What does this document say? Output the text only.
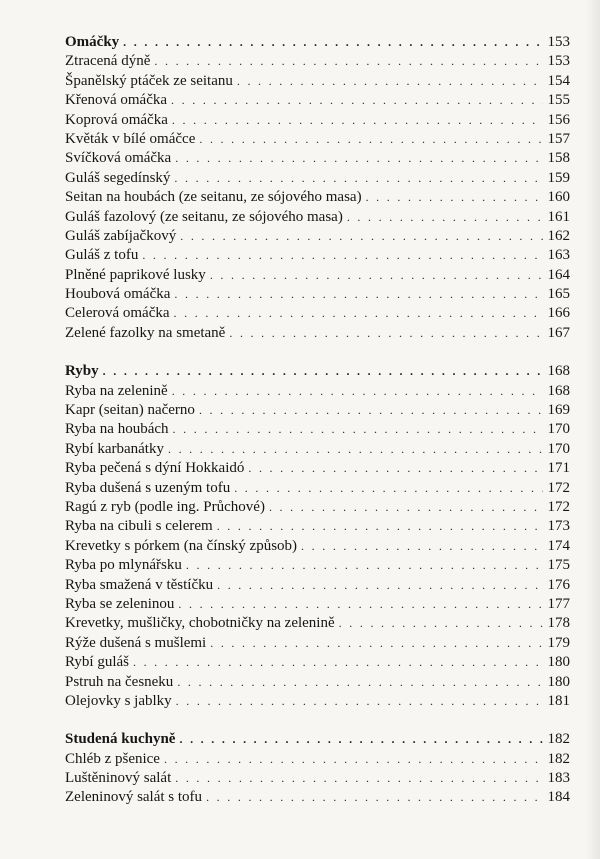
Omáčky . . .	153
Ztracená dýně . . .	153
Španělský ptáček ze seitanu . . .	154
Křenová omáčka . . .	155
Koprová omáčka . . .	156
Květák v bílé omáčce . . .	157
Svíčková omáčka . . .	158
Guláš segedínský . . .	159
Seitan na houbách (ze seitanu, ze sójového masa) . . .	160
Guláš fazolový (ze seitanu, ze sójového masa) . . .	161
Guláš zabíjačkový . . .	162
Guláš z tofu . . .	163
Plněné paprikové lusky . . .	164
Houbová omáčka . . .	165
Celerová omáčka . . .	166
Zelené fazolky na smetaně . . .	167
Ryby . . .	168
Ryba na zelenině . . .	168
Kapr (seitan) načerno . . .	169
Ryba na houbách . . .	170
Rybí karbanátky . . .	170
Ryba pečená s dýní Hokkaidó . . .	171
Ryba dušená s uzeným tofu . . .	172
Ragú z ryb (podle ing. Průchové) . . .	172
Ryba na cibuli s celerem . . .	173
Krevetky s pórkem (na čínský způsob) . . .	174
Ryba po mlynářsku . . .	175
Ryba smažená v těstíčku . . .	176
Ryba se zeleninou . . .	177
Krevetky, mušličky, chobotničky na zelenině . . .	178
Rýže dušená s mušlemi . . .	179
Rybí guláš . . .	180
Pstruh na česneku . . .	180
Olejovky s jablky . . .	181
Studená kuchyně . . .	182
Chléb z pšenice . . .	182
Luštěninový salát . . .	183
Zeleninový salát s tofu . . .	184
